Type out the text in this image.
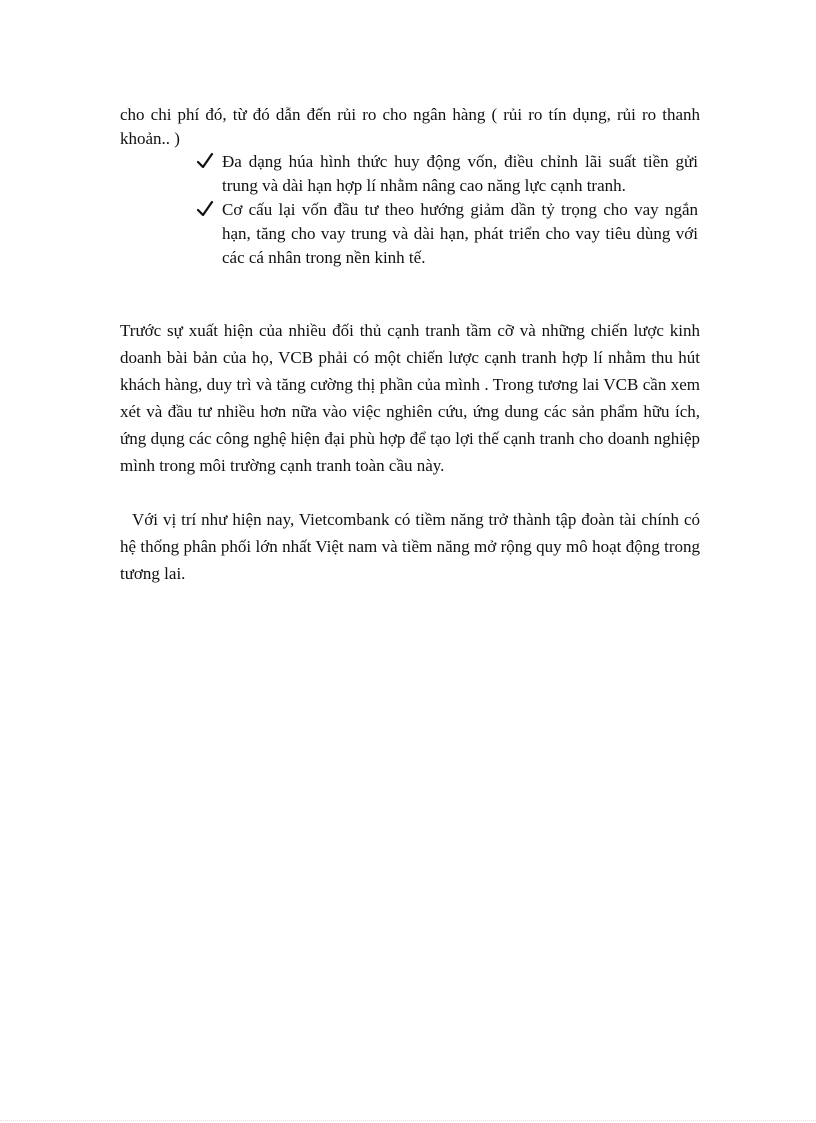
cho chi phí đó, từ đó dẫn đến rủi ro cho ngân hàng ( rủi ro tín dụng, rủi ro thanh khoản.. )
Đa dạng húa hình thức huy động vốn, điều chỉnh lãi suất tiền gửi trung và dài hạn hợp lí nhằm nâng cao năng lực cạnh tranh.
Cơ cấu lại vốn đầu tư theo hướng giảm dần tỷ trọng cho vay ngắn hạn, tăng cho vay trung và dài hạn, phát triển cho vay tiêu dùng với các cá nhân trong nền kinh tế.
Trước sự xuất hiện của nhiều đối thủ cạnh tranh tầm cỡ và những chiến lược kinh doanh bài bản của họ, VCB phải có một chiến lược cạnh tranh hợp lí nhằm thu hút khách hàng, duy trì và tăng cường thị phần của mình . Trong tương lai VCB cần xem xét và đầu tư nhiều hơn nữa vào việc nghiên cứu, ứng dung các sản phẩm hữu ích, ứng dụng các công nghệ hiện đại phù hợp để tạo lợi thế cạnh tranh cho doanh nghiệp mình trong môi trường cạnh tranh toàn cầu này.
Với vị trí như hiện nay, Vietcombank có tiềm năng trở thành tập đoàn tài chính có hệ thống phân phối lớn nhất Việt nam và tiềm năng mở rộng quy mô hoạt động trong tương lai.
